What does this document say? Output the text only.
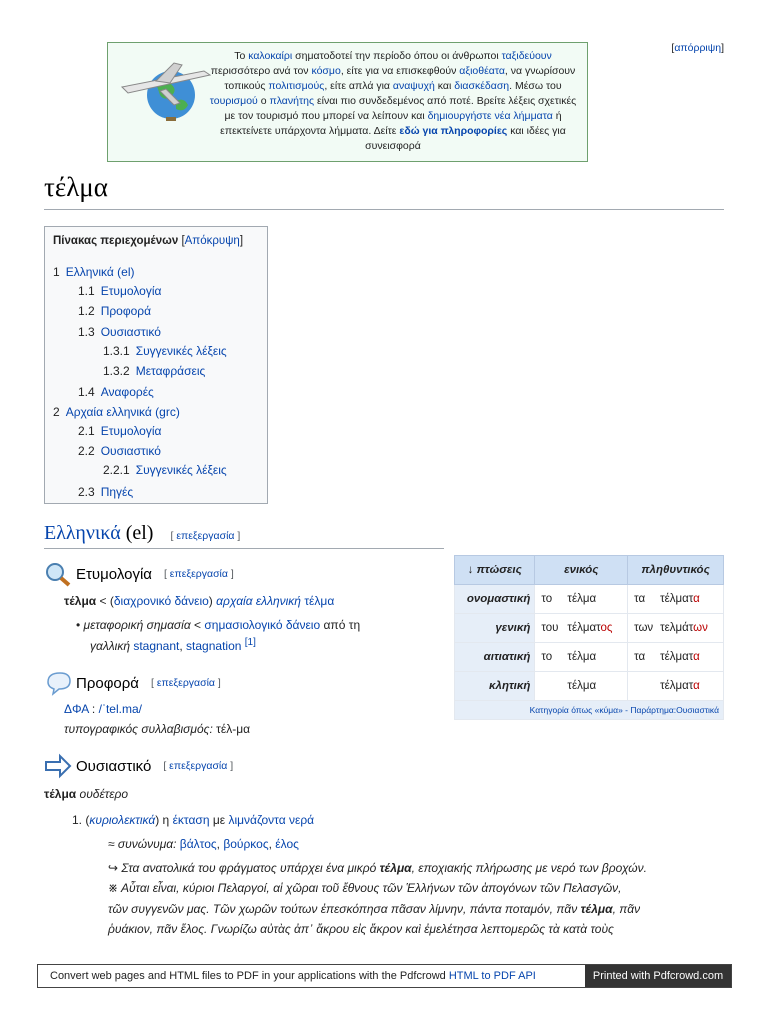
Το καλοκαίρι σηματοδοτεί την περίοδο όπου οι άνθρωποι ταξιδεύουν περισσότερο ανά τον κόσμο, είτε για να επισκεφθούν αξιοθέατα, να γνωρίσουν τοπικούς πολιτισμούς, είτε απλά για αναψυχή και διασκέδαση. Μέσω του τουρισμού ο πλανήτης είναι πιο συνδεδεμένος από ποτέ. Βρείτε λέξεις σχετικές με τον τουρισμό που μπορεί να λείπουν και δημιουργήστε νέα λήμματα ή επεκτείνετε υπάρχοντα λήμματα. Δείτε εδώ για πληροφορίες και ιδέες για συνεισφορά
[απόρριψη]
τέλμα
Πίνακας περιεχομένων [Απόκρυψη]
1 Ελληνικά (el)
1.1 Ετυμολογία
1.2 Προφορά
1.3 Ουσιαστικό
1.3.1 Συγγενικές λέξεις
1.3.2 Μεταφράσεις
1.4 Αναφορές
2 Αρχαία ελληνικά (grc)
2.1 Ετυμολογία
2.2 Ουσιαστικό
2.2.1 Συγγενικές λέξεις
2.3 Πηγές
Ελληνικά (el) [ επεξεργασία ]
Ετυμολογία [ επεξεργασία ]
τέλμα < (διαχρονικό δάνειο) αρχαία ελληνική τέλμα
• μεταφορική σημασία < σημασιολογικό δάνειο από τη
γαλλική stagnant, stagnation [1]
Προφορά [ επεξεργασία ]
ΔΦΑ : /ˈtel.ma/
τυπογραφικός συλλαβισμός: τέλ-μα
Ουσιαστικό [ επεξεργασία ]
τέλμα ουδέτερο
1. (κυριολεκτικά) η έκταση με λιμνάζοντα νερά
≈ συνώνυμα: βάλτος, βούρκος, έλος
↪ Στα ανατολικά του φράγματος υπάρχει ένα μικρό τέλμα, εποχιακής πλήρωσης με νερό των βροχών.
※ Αὗται εἶναι, κύριοι Πελαργοί, αἱ χῶραι τοῦ ἔθνους τῶν Ἑλλήνων τῶν ἀπογόνων τῶν Πελασγῶν,
τῶν συγγενῶν μας. Τῶν χωρῶν τούτων ἐπεσκόπησα πᾶσαν λίμνην, πάντα ποταμόν, πᾶν τέλμα, πᾶν
ῥυάκιον, πᾶν ἕλος. Γνωρίζω αὐτὰς ἀπ᾽ ἄκρου εἰς ἄκρον καὶ ἐμελέτησα λεπτομερῶς τὰ κατὰ τοὺς
↓ πτώσεις	ενικός	πληθυντικός
ονομαστική	το τέλμα	τα τέλματα
γενική	του τέλματος	των τελμάτων
αιτιατική	το τέλμα	τα τέλματα
κλητική	τέλμα	τέλματα
Κατηγορία όπως «κύμα» - Παράρτημα:Ουσιαστικά		
Convert web pages and HTML files to PDF in your applications with the Pdfcrowd HTML to PDF API	Printed with Pdfcrowd.com
